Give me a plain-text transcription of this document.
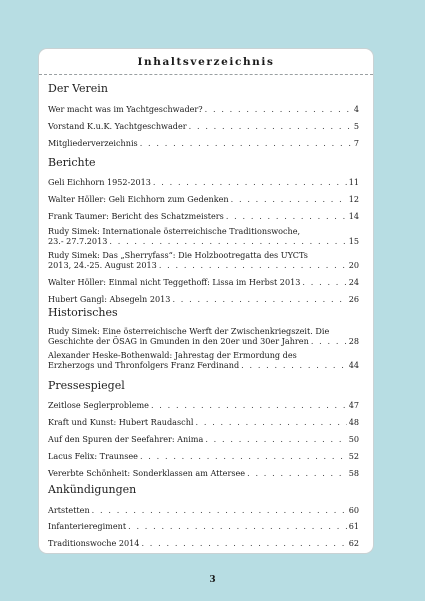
Inhaltsverzeichnis
Der Verein
Wer macht was im Yachtgeschwader? . . .	4
Vorstand K.u.K. Yachtgeschwader . . .	5
Mitgliederverzeichnis . . .	7
Berichte
Geli Eichhorn 1952-2013 . . .	11
Walter Höller: Geli Eichhorn zum Gedenken . . .	12
Frank Taumer: Bericht des Schatzmeisters . . .	14
Rudy Simek: Internationale österreichische Traditionswoche,
23.- 27.7.2013 . . .	15
Rudy Simek: Das „Sherryfass“: Die Holzbootregatta des UYCTs
2013, 24.-25. August 2013 . . .	20
Walter Höller: Einmal nicht Teggethoff: Lissa im Herbst 2013 . . .	24
Hubert Gangl: Absegeln 2013 . . .	26
Historisches
Rudy Simek: Eine österreichische Werft der Zwischenkriegszeit. Die
Geschichte der ÖSAG in Gmunden in den 20er und 30er Jahren . . .	28
Alexander Heske-Bothenwald: Jahrestag der Ermordung des
Erzherzogs und Thronfolgers Franz Ferdinand . . .	44
Pressespiegel
Zeitlose Seglerprobleme . . .	47
Kraft und Kunst: Hubert Raudaschl . . .	48
Auf den Spuren der Seefahrer: Anima . . .	50
Lacus Felix: Traunsee . . .	52
Vererbte Schönheit: Sonderklassen am Attersee . . .	58
Ankündigungen
Artstetten . . .	60
Infanterieregiment . . .	61
Traditionswoche 2014 . . .	62
3
